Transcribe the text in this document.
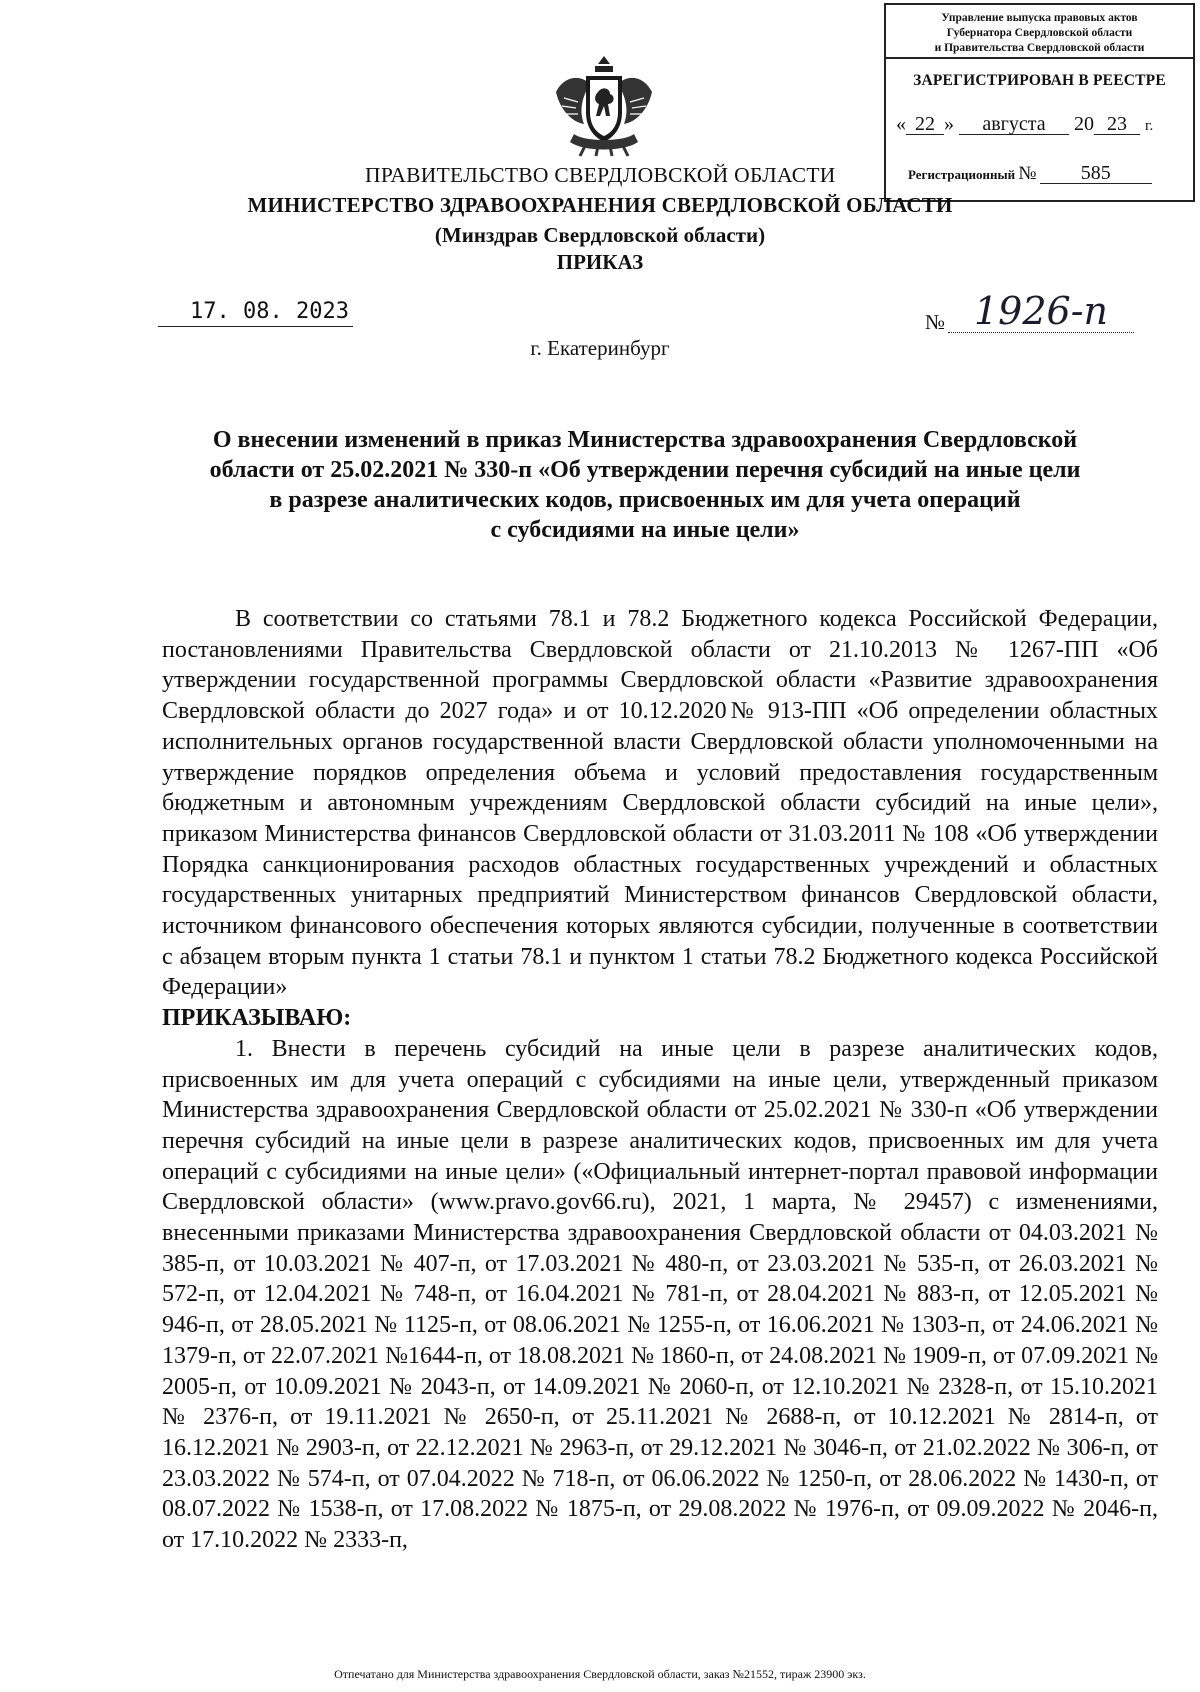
Управление выпуска правовых актов
Губернатора Свердловской области
и Правительства Свердловской области
ЗАРЕГИСТРИРОВАН В РЕЕСТРЕ
« 22 » августа 20 23 г.
Регистрационный № 585
ПРАВИТЕЛЬСТВО СВЕРДЛОВСКОЙ ОБЛАСТИ
МИНИСТЕРСТВО ЗДРАВООХРАНЕНИЯ СВЕРДЛОВСКОЙ ОБЛАСТИ
(Минздрав Свердловской области)
ПРИКАЗ
17. 08. 2023	№ 1926-п
г. Екатеринбург
О внесении изменений в приказ Министерства здравоохранения Свердловской
области от 25.02.2021 № 330-п «Об утверждении перечня субсидий на иные цели
в разрезе аналитических кодов, присвоенных им для учета операций
с субсидиями на иные цели»

В соответствии со статьями 78.1 и 78.2 Бюджетного кодекса Российской Федерации, постановлениями Правительства Свердловской области от 21.10.2013 № 1267-ПП «Об утверждении государственной программы Свердловской области «Развитие здравоохранения Свердловской области до 2027 года» и от 10.12.2020№ 913-ПП «Об определении областных исполнительных органов государственной власти Свердловской области уполномоченными на утверждение порядков определения объема и условий предоставления государственным бюджетным и автономным учреждениям Свердловской области субсидий на иные цели», приказом Министерства финансов Свердловской области от 31.03.2011 № 108 «Об утверждении Порядка санкционирования расходов областных государственных учреждений и областных государственных унитарных предприятий Министерством финансов Свердловской области, источником финансового обеспечения которых являются субсидии, полученные в соответствии с абзацем вторым пункта 1 статьи 78.1 и пунктом 1 статьи 78.2 Бюджетного кодекса Российской Федерации»

ПРИКАЗЫВАЮ:

1. Внести в перечень субсидий на иные цели в разрезе аналитических кодов, присвоенных им для учета операций с субсидиями на иные цели, утвержденный приказом Министерства здравоохранения Свердловской области от 25.02.2021 № 330-п «Об утверждении перечня субсидий на иные цели в разрезе аналитических кодов, присвоенных им для учета операций с субсидиями на иные цели» («Официальный интернет-портал правовой информации Свердловской области» (www.pravo.gov66.ru), 2021, 1 марта, № 29457) с изменениями, внесенными приказами Министерства здравоохранения Свердловской области от 04.03.2021 № 385-п, от 10.03.2021 № 407-п, от 17.03.2021 № 480-п, от 23.03.2021 № 535-п, от 26.03.2021 № 572-п, от 12.04.2021 № 748-п, от 16.04.2021 № 781-п, от 28.04.2021 № 883-п, от 12.05.2021 № 946-п, от 28.05.2021 № 1125-п, от 08.06.2021 № 1255-п, от 16.06.2021 № 1303-п, от 24.06.2021 № 1379-п, от 22.07.2021 №1644-п, от 18.08.2021 № 1860-п, от 24.08.2021 № 1909-п, от 07.09.2021 № 2005-п, от 10.09.2021 № 2043-п, от 14.09.2021 № 2060-п, от 12.10.2021 № 2328-п, от 15.10.2021 № 2376-п, от 19.11.2021 № 2650-п, от 25.11.2021 № 2688-п, от 10.12.2021 № 2814-п, от 16.12.2021 № 2903-п, от 22.12.2021 № 2963-п, от 29.12.2021 № 3046-п, от 21.02.2022 № 306-п, от 23.03.2022 № 574-п, от 07.04.2022 № 718-п, от 06.06.2022 № 1250-п, от 28.06.2022 № 1430-п, от 08.07.2022 № 1538-п, от 17.08.2022 № 1875-п, от 29.08.2022 № 1976-п, от 09.09.2022 № 2046-п, от 17.10.2022 № 2333-п,

Отпечатано для Министерства здравоохранения Свердловской области, заказ №21552, тираж 23900 экз.
